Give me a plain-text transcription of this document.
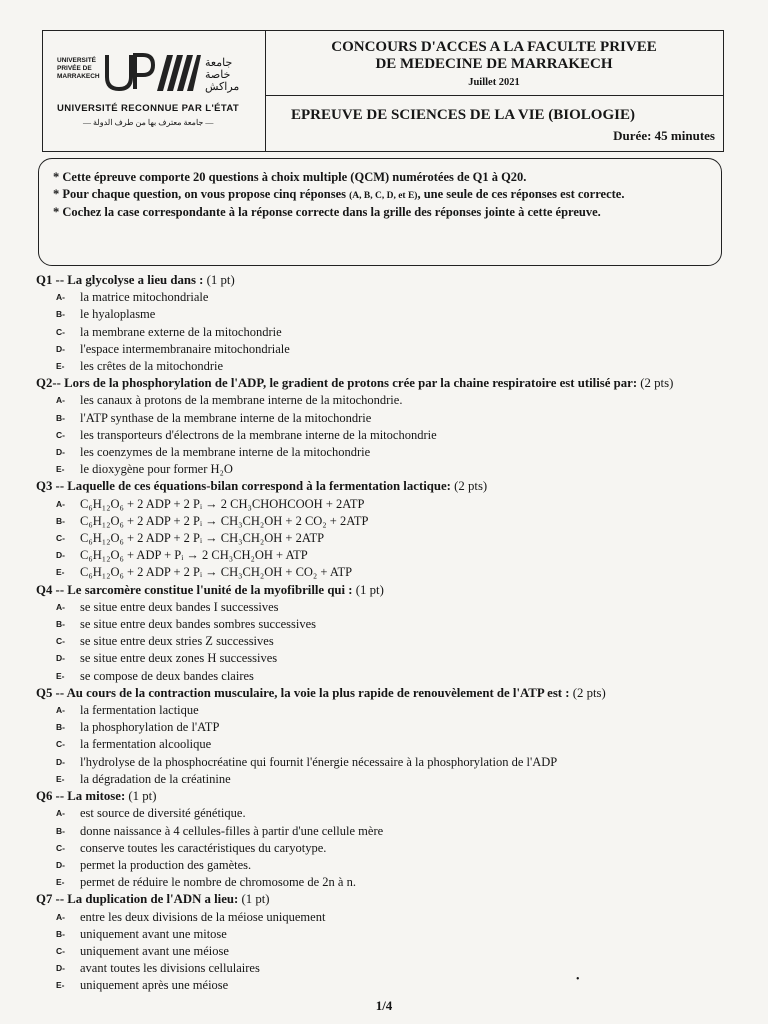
UNIVERSITÉ
PRIVÉE DE
MARRAKECH
جامعة
خاصة
مراكش
UNIVERSITÉ RECONNUE PAR L'ÉTAT
— جامعة معترف بها من طرف الدولة —
CONCOURS D'ACCES A LA FACULTE PRIVEE
DE MEDECINE DE MARRAKECH
Juillet 2021
EPREUVE DE SCIENCES DE LA VIE (BIOLOGIE)
Durée: 45 minutes

* Cette épreuve comporte 20 questions à choix multiple (QCM) numérotées de Q1 à Q20.

* Pour chaque question, on vous propose cinq réponses (A, B, C, D, et E), une seule de ces réponses est correcte.

* Cochez la case correspondante à la réponse correcte dans la grille des réponses jointe à cette épreuve.

Q1 -- La glycolyse a lieu dans : (1 pt)
A- la matrice mitochondriale
B- le hyaloplasme
C- la membrane externe de la mitochondrie
D- l'espace intermembranaire mitochondriale
E- les crêtes de la mitochondrie
Q2-- Lors de la phosphorylation de l'ADP, le gradient de protons crée par la chaine respiratoire est utilisé par: (2 pts)
A- les canaux à protons de la membrane interne de la mitochondrie.
B- l'ATP synthase de la membrane interne de la mitochondrie
C- les transporteurs d'électrons de la membrane interne de la mitochondrie
D- les coenzymes de la membrane interne de la mitochondrie
E- le dioxygène pour former H₂O
Q3 -- Laquelle de ces équations-bilan correspond à la fermentation lactique: (2 pts)
A- C₆H₁₂O₆ + 2 ADP + 2 Pᵢ → 2 CH₃CHOHCOOH + 2ATP
B- C₆H₁₂O₆ + 2 ADP + 2 Pᵢ → CH₃CH₂OH + 2 CO₂ + 2ATP
C- C₆H₁₂O₆ + 2 ADP + 2 Pᵢ → CH₃CH₂OH + 2ATP
D- C₆H₁₂O₆ + ADP + Pᵢ → 2 CH₃CH₂OH + ATP
E- C₆H₁₂O₆ + 2 ADP + 2 Pᵢ → CH₃CH₂OH + CO₂ + ATP
Q4 -- Le sarcomère constitue l'unité de la myofibrille qui : (1 pt)
A- se situe entre deux bandes I successives
B- se situe entre deux bandes sombres successives
C- se situe entre deux stries Z successives
D- se situe entre deux zones H successives
E- se compose de deux bandes claires
Q5 -- Au cours de la contraction musculaire, la voie la plus rapide de renouvèlement de l'ATP est : (2 pts)
A- la fermentation lactique
B- la phosphorylation de l'ATP
C- la fermentation alcoolique
D- l'hydrolyse de la phosphocréatine qui fournit l'énergie nécessaire à la phosphorylation de l'ADP
E- la dégradation de la créatinine
Q6 -- La mitose: (1 pt)
A- est source de diversité génétique.
B- donne naissance à 4 cellules-filles à partir d'une cellule mère
C- conserve toutes les caractéristiques du caryotype.
D- permet la production des gamètes.
E- permet de réduire le nombre de chromosome de 2n à n.
Q7 -- La duplication de l'ADN a lieu: (1 pt)
A- entre les deux divisions de la méiose uniquement
B- uniquement avant une mitose
C- uniquement avant une méiose
D- avant toutes les divisions cellulaires
E- uniquement après une méiose	•
1/4
